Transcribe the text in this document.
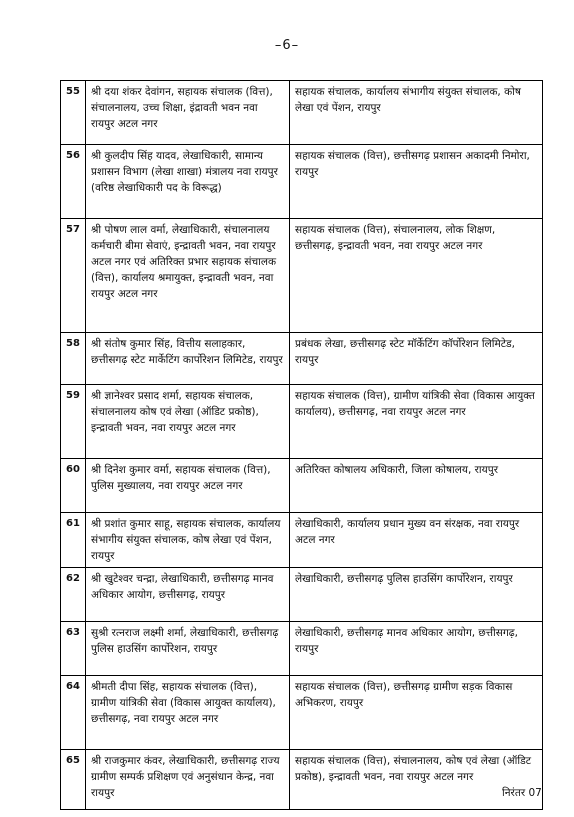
–6–
55	श्री दया शंकर देवांगन, सहायक संचालक (वित्त), संचालनालय, उच्च शिक्षा, इंद्रावती भवन नवा रायपुर अटल नगर	सहायक संचालक, कार्यालय संभागीय संयुक्त संचालक, कोष लेखा एवं पेंशन, रायपुर
56	श्री कुलदीप सिंह यादव, लेखाधिकारी, सामान्य प्रशासन विभाग (लेखा शाखा) मंत्रालय नवा रायपुर (वरिष्ठ लेखाधिकारी पद के विरूद्ध)	सहायक संचालक (वित्त), छत्तीसगढ़ प्रशासन अकादमी निमोरा, रायपुर
57	श्री पोषण लाल वर्मा, लेखाधिकारी, संचालनालय कर्मचारी बीमा सेवाएं, इन्द्रावती भवन, नवा रायपुर अटल नगर एवं अतिरिक्त प्रभार सहायक संचालक (वित्त), कार्यालय श्रमायुक्त, इन्द्रावती भवन, नवा रायपुर अटल नगर	सहायक संचालक (वित्त), संचालनालय, लोक शिक्षण, छत्तीसगढ़, इन्द्रावती भवन, नवा रायपुर अटल नगर
58	श्री संतोष कुमार सिंह, वित्तीय सलाहकार, छत्तीसगढ़ स्टेट मार्केटिंग कार्पोरेशन लिमिटेड, रायपुर	प्रबंधक लेखा, छत्तीसगढ़ स्टेट मॉर्केटिंग कॉर्पोरेशन लिमिटेड, रायपुर
59	श्री ज्ञानेश्वर प्रसाद शर्मा, सहायक संचालक, संचालनालय कोष एवं लेखा (ऑडिट प्रकोष्ठ), इन्द्रावती भवन, नवा रायपुर अटल नगर	सहायक संचालक (वित्त), ग्रामीण यांत्रिकी सेवा (विकास आयुक्त कार्यालय), छत्तीसगढ़, नवा रायपुर अटल नगर
60	श्री दिनेश कुमार वर्मा, सहायक संचालक (वित्त), पुलिस मुख्यालय, नवा रायपुर अटल नगर	अतिरिक्त कोषालय अधिकारी, जिला कोषालय, रायपुर
61	श्री प्रशांत कुमार साहू, सहायक संचालक, कार्यालय संभागीय संयुक्त संचालक, कोष लेखा एवं पेंशन, रायपुर	लेखाधिकारी, कार्यालय प्रधान मुख्य वन संरक्षक, नवा रायपुर अटल नगर
62	श्री खुटेश्वर चन्द्रा, लेखाधिकारी, छत्तीसगढ़ मानव अधिकार आयोग, छत्तीसगढ़, रायपुर	लेखाधिकारी, छत्तीसगढ़ पुलिस हाउसिंग कार्पोरेशन, रायपुर
63	सुश्री रत्नराज लक्ष्मी शर्मा, लेखाधिकारी, छत्तीसगढ़ पुलिस हाउसिंग कार्पोरेशन, रायपुर	लेखाधिकारी, छत्तीसगढ़ मानव अधिकार आयोग, छत्तीसगढ़, रायपुर
64	श्रीमती दीपा सिंह, सहायक संचालक (वित्त), ग्रामीण यांत्रिकी सेवा (विकास आयुक्त कार्यालय), छत्तीसगढ़, नवा रायपुर अटल नगर	सहायक संचालक (वित्त), छत्तीसगढ़ ग्रामीण सड़क विकास अभिकरण, रायपुर
65	श्री राजकुमार कंवर, लेखाधिकारी, छत्तीसगढ़ राज्य ग्रामीण सम्पर्क प्रशिक्षण एवं अनुसंधान केन्द्र, नवा रायपुर	सहायक संचालक (वित्त), संचालनालय, कोष एवं लेखा (ऑडिट प्रकोष्ठ), इन्द्रावती भवन, नवा रायपुर अटल नगर
निरंतर 07
